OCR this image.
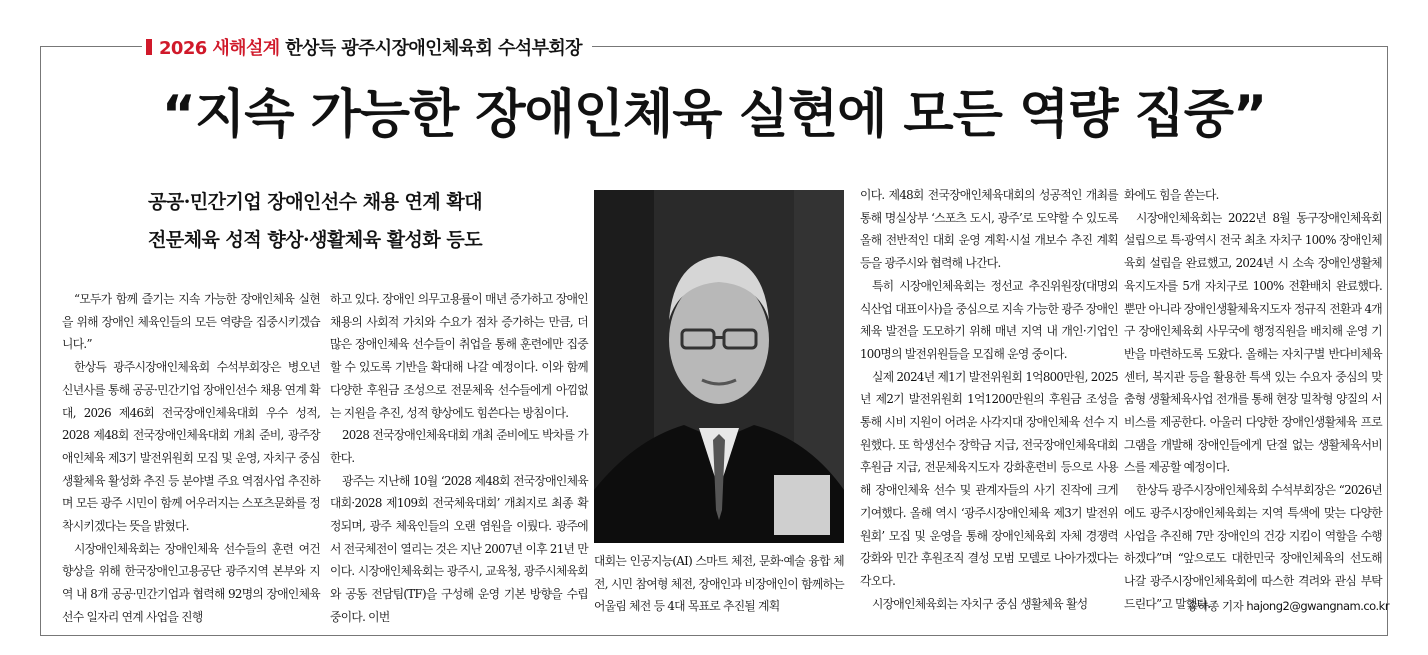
2026 새해설계 한상득 광주시장애인체육회 수석부회장
“지속 가능한 장애인체육 실현에 모든 역량 집중”
공공·민간기업 장애인선수 채용 연계 확대
전문체육 성적 향상·생활체육 활성화 등도

“모두가 함께 즐기는 지속 가능한 장애인체육 실현을 위해 장애인 체육인들의 모든 역량을 집중시키겠습니다.”

한상득 광주시장애인체육회 수석부회장은 병오년 신년사를 통해 공공·민간기업 장애인선수 채용 연계 확대, 2026 제46회 전국장애인체육대회 우수 성적, 2028 제48회 전국장애인체육대회 개최 준비, 광주장애인체육 제3기 발전위원회 모집 및 운영, 자치구 중심 생활체육 활성화 추진 등 분야별 주요 역점사업 추진하며 모든 광주 시민이 함께 어우러지는 스포츠문화를 정착시키겠다는 뜻을 밝혔다.

시장애인체육회는 장애인체육 선수들의 훈련 여건 향상을 위해 한국장애인고용공단 광주지역 본부와 지역 내 8개 공공·민간기업과 협력해 92명의 장애인체육 선수 일자리 연계 사업을 진행

하고 있다. 장애인 의무고용률이 매년 증가하고 장애인 채용의 사회적 가치와 수요가 점차 증가하는 만큼, 더 많은 장애인체육 선수들이 취업을 통해 훈련에만 집중할 수 있도록 기반을 확대해 나갈 예정이다. 이와 함께 다양한 후원금 조성으로 전문체육 선수들에게 아낌없는 지원을 추진, 성적 향상에도 힘쓴다는 방침이다.

2028 전국장애인체육대회 개최 준비에도 박차를 가한다.

광주는 지난해 10월 ‘2028 제48회 전국장애인체육대회·2028 제109회 전국체육대회’ 개최지로 최종 확정되며, 광주 체육인들의 오랜 염원을 이뤘다. 광주에서 전국체전이 열리는 것은 지난 2007년 이후 21년 만이다. 시장애인체육회는 광주시, 교육청, 광주시체육회와 공동 전담팀(TF)을 구성해 운영 기본 방향을 수립 중이다. 이번

대회는 인공지능(AI) 스마트 체전, 문화·예술 융합 체전, 시민 참여형 체전, 장애인과 비장애인이 함께하는 어울림 체전 등 4대 목표로 추진될 계획

이다. 제48회 전국장애인체육대회의 성공적인 개최를 통해 명실상부 ‘스포츠 도시, 광주’로 도약할 수 있도록 올해 전반적인 대회 운영 계획·시설 개보수 추진 계획 등을 광주시와 협력해 나간다.

특히 시장애인체육회는 정선교 추진위원장(대명외식산업 대표이사)을 중심으로 지속 가능한 광주 장애인체육 발전을 도모하기 위해 매년 지역 내 개인·기업인 100명의 발전위원들을 모집해 운영 중이다.

실제 2024년 제1기 발전위원회 1억800만원, 2025년 제2기 발전위원회 1억1200만원의 후원금 조성을 통해 시비 지원이 어려운 사각지대 장애인체육 선수 지원했다. 또 학생선수 장학금 지급, 전국장애인체육대회 후원금 지급, 전문체육지도자 강화훈련비 등으로 사용해 장애인체육 선수 및 관계자들의 사기 진작에 크게 기여했다. 올해 역시 ‘광주시장애인체육 제3기 발전위원회’ 모집 및 운영을 통해 장애인체육회 자체 경쟁력 강화와 민간 후원조직 결성 모범 모델로 나아가겠다는 각오다.

시장애인체육회는 자치구 중심 생활체육 활성

화에도 힘을 쏟는다.

시장애인체육회는 2022년 8월 동구장애인체육회 설립으로 특·광역시 전국 최초 자치구 100% 장애인체육회 설립을 완료했고, 2024년 시 소속 장애인생활체육지도자를 5개 자치구로 100% 전환배치 완료했다. 뿐만 아니라 장애인생활체육지도자 정규직 전환과 4개 구 장애인체육회 사무국에 행정직원을 배치해 운영 기반을 마련하도록 도왔다. 올해는 자치구별 반다비체육센터, 복지관 등을 활용한 특색 있는 수요자 중심의 맞춤형 생활체육사업 전개를 통해 현장 밀착형 양질의 서비스를 제공한다. 아울러 다양한 장애인생활체육 프로그램을 개발해 장애인들에게 단절 없는 생활체육서비스를 제공할 예정이다.

한상득 광주시장애인체육회 수석부회장은 “2026년에도 광주시장애인체육회는 지역 특색에 맞는 다양한 사업을 추진해 7만 장애인의 건강 지킴이 역할을 수행하겠다”며 “앞으로도 대한민국 장애인체육의 선도해 나갈 광주시장애인체육회에 따스한 격려와 관심 부탁드린다”고 말했다.

송하종 기자 hajong2@gwangnam.co.kr
